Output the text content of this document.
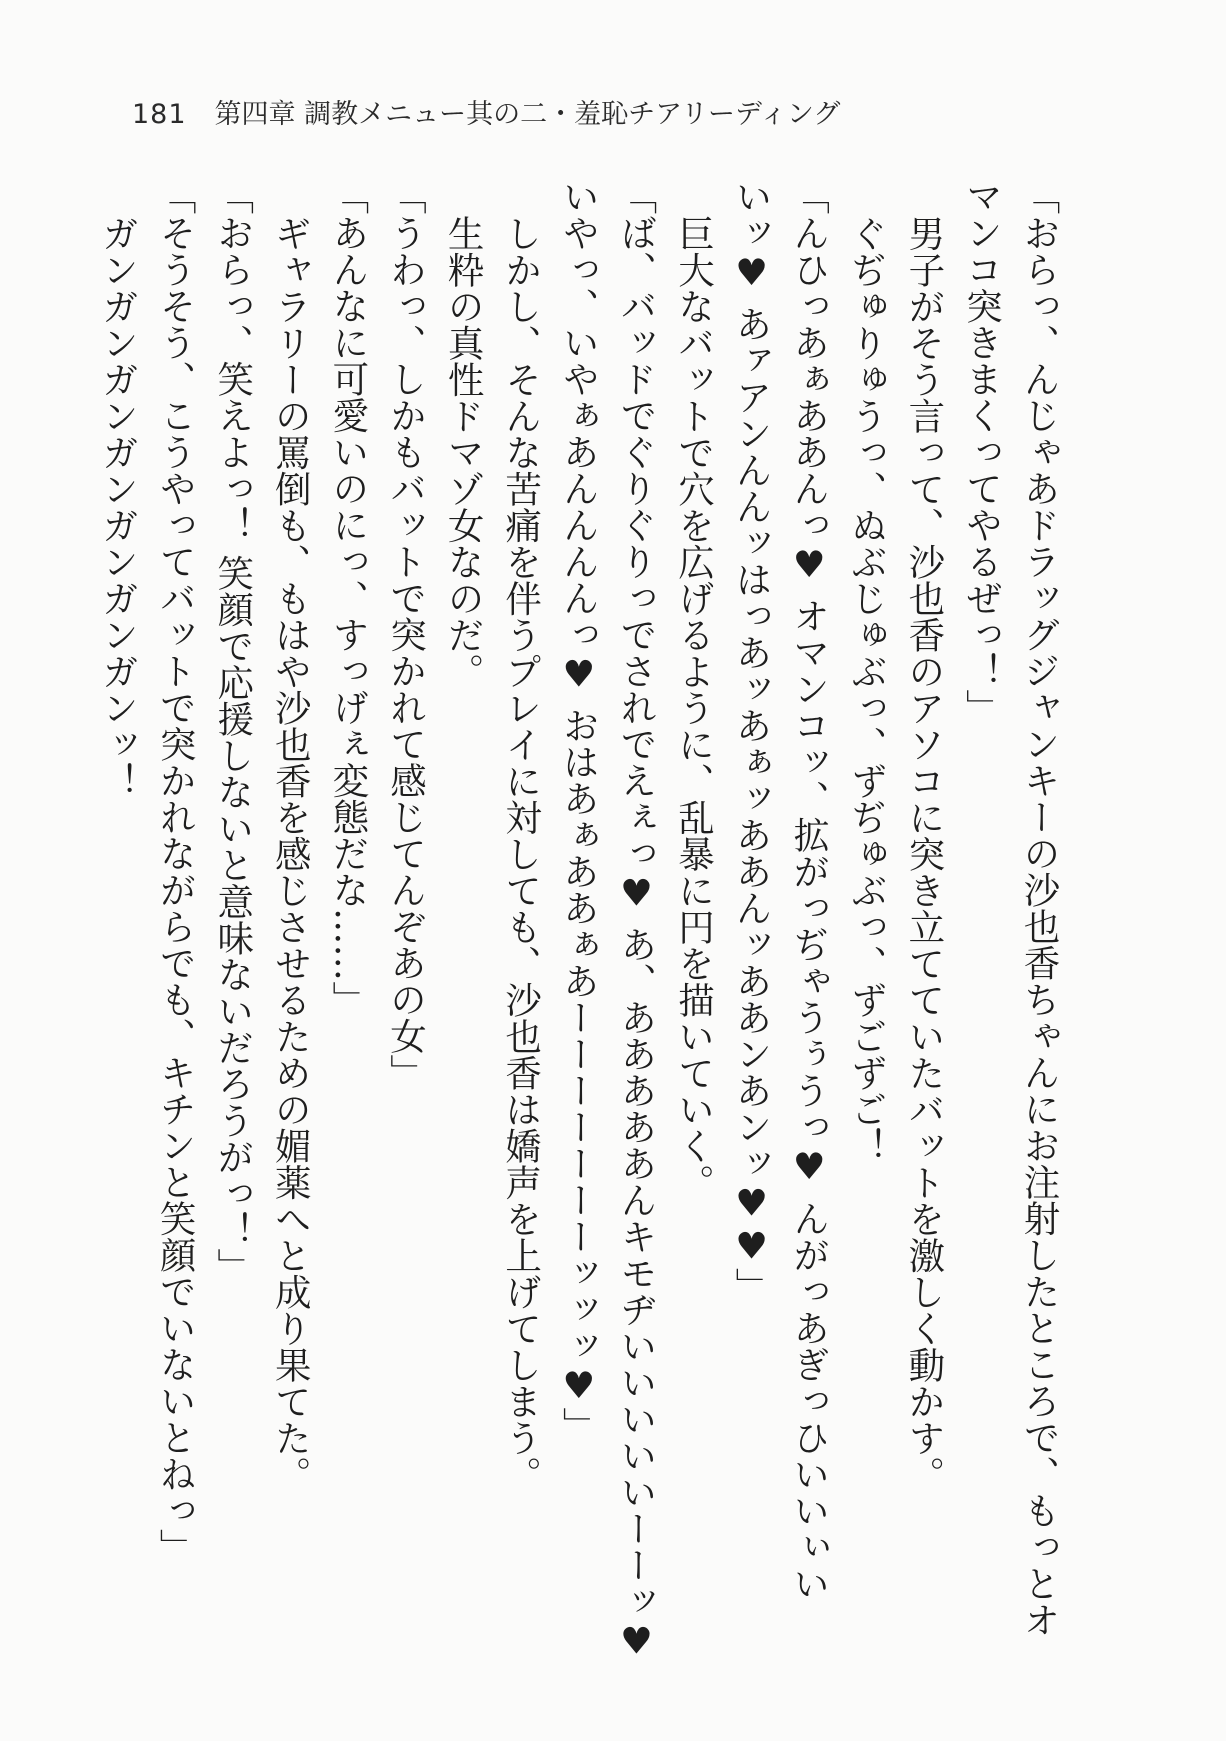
181 第四章 調教メニュー其の二・羞恥チアリーディング

「おらっ、んじゃあドラッグジャンキーの沙也香ちゃんにお注射したところで、もっとオ

マンコ突きまくってやるぜっ！」

男子がそう言って、沙也香のアソコに突き立てていたバットを激しく動かす。

ぐぢゅりゅうっ、ぬぶじゅぶっ、ずぢゅぶっ、ずごずご！

「んひっあぁああんっ♥ オマンコッ、拡がっぢゃうぅうっ♥ んがっあぎっひいいぃい

いッ♥ あァアンんんッはっあッあぁッああんッああンあンッ♥♥」

巨大なバットで穴を広げるように、乱暴に円を描いていく。

「ば、バッドでぐりぐりっでされでえぇっ♥ あ、あああああんキモヂいいいいいーーッ♥

いやっ、いやぁあんんんんっ♥ おはあぁああぁあーーーーーーーッッッ♥」

しかし、そんな苦痛を伴うプレイに対しても、沙也香は嬌声を上げてしまう。

生粋の真性ドマゾ女なのだ。

「うわっ、しかもバットで突かれて感じてんぞあの女」

「あんなに可愛いのにっ、すっげぇ変態だな……」

ギャラリーの罵倒も、もはや沙也香を感じさせるための媚薬へと成り果てた。

「おらっ、笑えよっ！ 笑顔で応援しないと意味ないだろうがっ！」

「そうそう、こうやってバットで突かれながらでも、キチンと笑顔でいないとねっ」

ガンガンガンガンガンガンガンッ！
